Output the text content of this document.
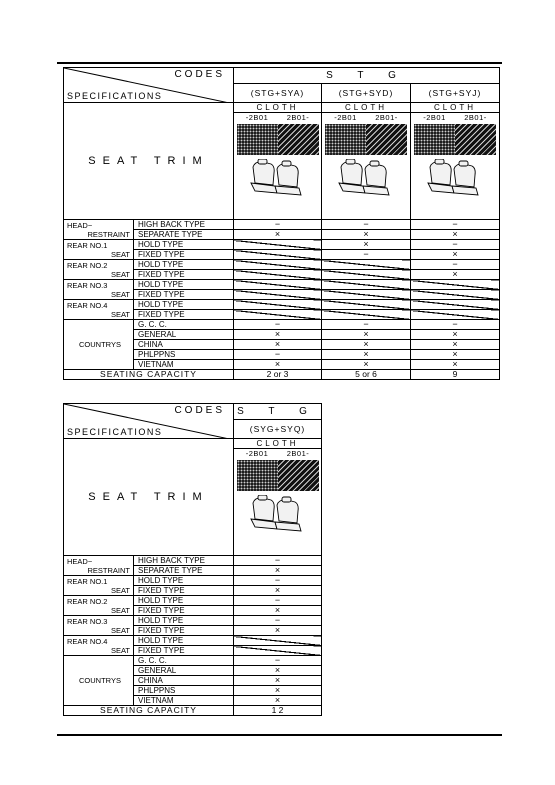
CODES
SPECIFICATIONS		S T G		
		(STG+SYA)	(STG+SYD)	(STG+SYJ)
SEAT TRIM		CLOTH	CLOTH	CLOTH

		-2B01 2B01-	-2B01 2B01-	-2B01 2B01-

HEAD−
RESTRAINT	HIGH BACK TYPE	−	−	−
	SEPARATE TYPE	×	×	×

REAR NO.1
SEAT	HOLD TYPE		×	−
	FIXED TYPE		−	×

REAR NO.2
SEAT	HOLD TYPE			−
	FIXED TYPE			×

REAR NO.3
SEAT	HOLD TYPE			
	FIXED TYPE			

REAR NO.4
SEAT	HOLD TYPE			
	FIXED TYPE			
COUNTRYS	G. C. C.	−	−	−
	GENERAL	×	×	×
	CHINA	×	×	×
	PHLPPNS	−	×	×
	VIETNAM	×	×	×
SEATING CAPACITY		2 or 3	5 or 6	9
CODES
SPECIFICATIONS		S T G
		(SYG+SYQ)
SEAT TRIM		CLOTH

		-2B01 2B01-

HEAD−
RESTRAINT	HIGH BACK TYPE	−
	SEPARATE TYPE	×

REAR NO.1
SEAT	HOLD TYPE	−
	FIXED TYPE	×

REAR NO.2
SEAT	HOLD TYPE	−
	FIXED TYPE	×

REAR NO.3
SEAT	HOLD TYPE	−
	FIXED TYPE	×

REAR NO.4
SEAT	HOLD TYPE	
	FIXED TYPE	
COUNTRYS	G. C. C.	−
	GENERAL	×
	CHINA	×
	PHLPPNS	×
	VIETNAM	×
SEATING CAPACITY		1 2
